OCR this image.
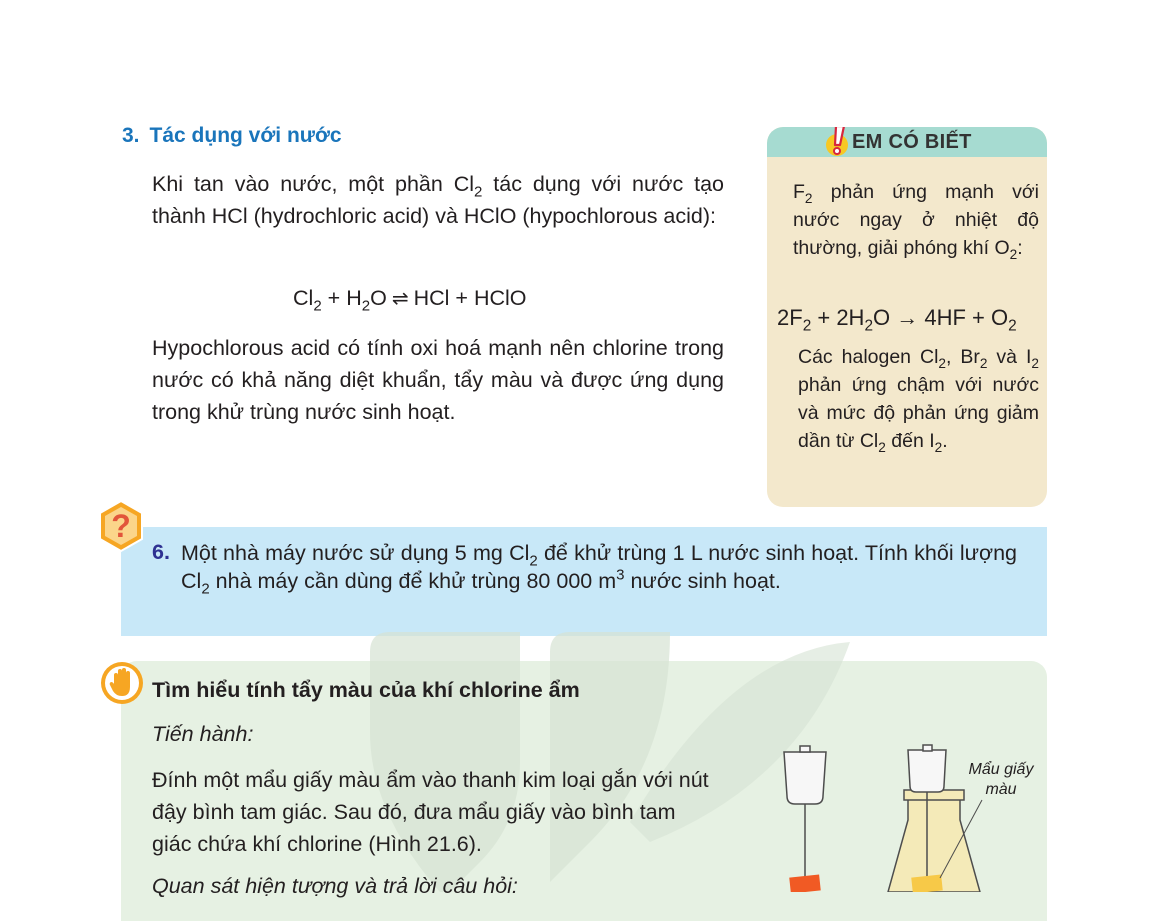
3. Tác dụng với nước
Khi tan vào nước, một phần $Cl_2$ tác dụng với nước tạo thành HCl (hydrochloric acid) và HClO (hypochlorous acid):
$Cl_2 + H_2O$ ⇌ HCl + HClO
Hypochlorous acid có tính oxi hoá mạnh nên chlorine trong nước có khả năng diệt khuẩn, tẩy màu và được ứng dụng trong khử trùng nước sinh hoạt.
EM CÓ BIẾT
$F_2$ phản ứng mạnh với nước ngay ở nhiệt độ thường, giải phóng khí $O_2$:
$2F_2 + 2H_2O \to 4HF + O_2$
Các halogen $Cl_2$, $Br_2$ và $I_2$ phản ứng chậm với nước và mức độ phản ứng giảm dần từ $Cl_2$ đến $I_2$.
?
6. Một nhà máy nước sử dụng 5 mg $Cl_2$ để khử trùng 1 L nước sinh hoạt. Tính khối lượng $Cl_2$ nhà máy cần dùng để khử trùng 80 000 $m^3$ nước sinh hoạt.
Tìm hiểu tính tẩy màu của khí chlorine ẩm
Tiến hành:
Đính một mẩu giấy màu ẩm vào thanh kim loại gắn với nút đậy bình tam giác. Sau đó, đưa mẩu giấy vào bình tam giác chứa khí chlorine (Hình 21.6).
Quan sát hiện tượng và trả lời câu hỏi:
Mẩu giấy màu
